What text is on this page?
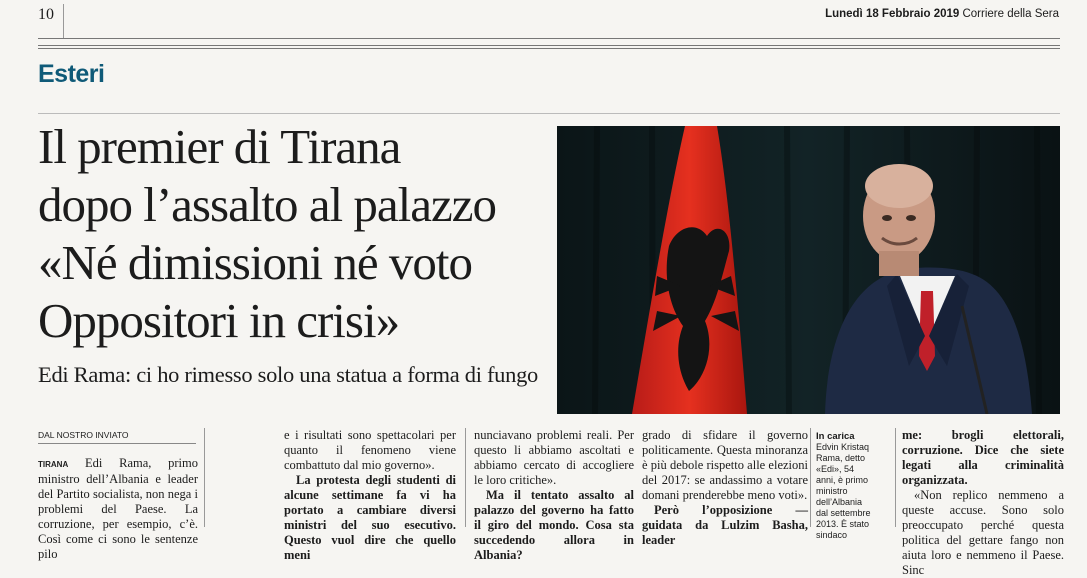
10	Lunedì 18 Febbraio 2019 Corriere della Sera
Esteri
Il premier di Tirana
dopo l’assalto al palazzo
«Né dimissioni né voto
Oppositori in crisi»
Edi Rama: ci ho rimesso solo una statua a forma di fungo
DAL NOSTRO INVIATO

TIRANA Edi Rama, primo ministro dell’Albania e leader del Partito socialista, non nega i problemi del Paese. La corruzione, per esempio, c’è. Così come ci sono le sentenze pilo

e i risultati sono spettacolari per quanto il fenomeno viene combattuto dal mio governo».

La protesta degli studenti di alcune settimane fa vi ha portato a cambiare diversi ministri del suo esecutivo. Questo vuol dire che quello meni

nunciavano problemi reali. Per questo li abbiamo ascoltati e abbiamo cercato di accogliere le loro critiche».

Ma il tentato assalto al palazzo del governo ha fatto il giro del mondo. Cosa sta succedendo allora in Albania?

grado di sfidare il governo politicamente. Questa minoranza è più debole rispetto alle elezioni del 2017: se andassimo a votare domani prenderebbe meno voti».

Però l’opposizione — guidata da Lulzim Basha, leader

In carica
Edvin Kristaq Rama, detto «Edi», 54 anni, è primo ministro dell’Albania dal settembre 2013. È stato sindaco

me: brogli elettorali, corruzione. Dice che siete legati alla criminalità organizzata.

«Non replico nemmeno a queste accuse. Sono solo preoccupato perché questa politica del gettare fango non aiuta loro e nemmeno il Paese. Sinc
